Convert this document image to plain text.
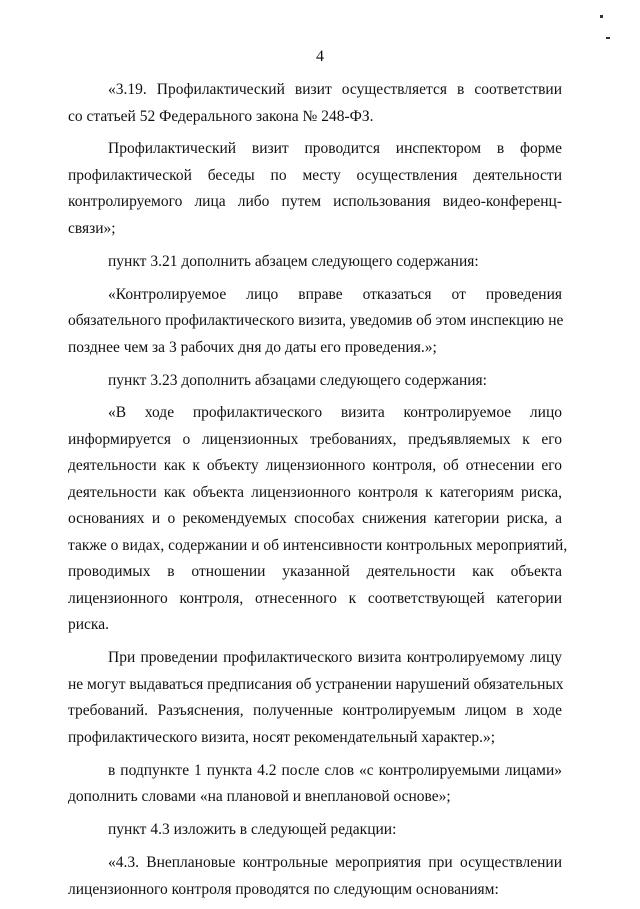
4
«3.19. Профилактический визит осуществляется в соответствии
со статьей 52 Федерального закона № 248-ФЗ.
Профилактический визит проводится инспектором в форме
профилактической беседы по месту осуществления деятельности
контролируемого лица либо путем использования видео-конференц-
связи»;
пункт 3.21 дополнить абзацем следующего содержания:
«Контролируемое лицо вправе отказаться от проведения
обязательного профилактического визита, уведомив об этом инспекцию не
позднее чем за 3 рабочих дня до даты его проведения.»;
пункт 3.23 дополнить абзацами следующего содержания:
«В ходе профилактического визита контролируемое лицо
информируется о лицензионных требованиях, предъявляемых к его
деятельности как к объекту лицензионного контроля, об отнесении его
деятельности как объекта лицензионного контроля к категориям риска,
основаниях и о рекомендуемых способах снижения категории риска, а
также о видах, содержании и об интенсивности контрольных мероприятий,
проводимых в отношении указанной деятельности как объекта
лицензионного контроля, отнесенного к соответствующей категории
риска.
При проведении профилактического визита контролируемому лицу
не могут выдаваться предписания об устранении нарушений обязательных
требований. Разъяснения, полученные контролируемым лицом в ходе
профилактического визита, носят рекомендательный характер.»;
в подпункте 1 пункта 4.2 после слов «с контролируемыми лицами»
дополнить словами «на плановой и внеплановой основе»;
пункт 4.3 изложить в следующей редакции:
«4.3. Внеплановые контрольные мероприятия при осуществлении
лицензионного контроля проводятся по следующим основаниям:
